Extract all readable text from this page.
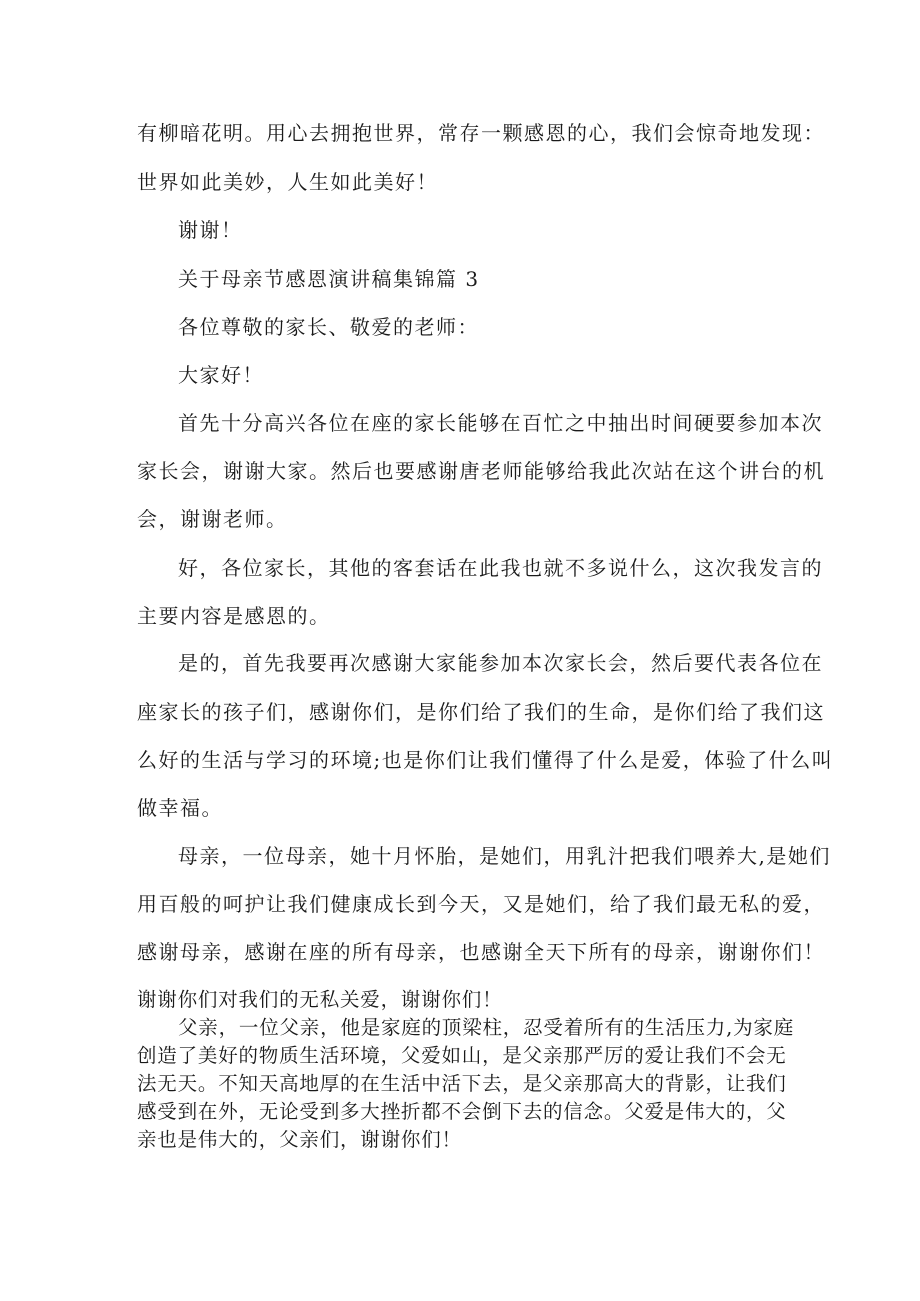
有柳暗花明。用心去拥抱世界，常存一颗感恩的心，我们会惊奇地发现：
世界如此美妙，人生如此美好！
谢谢！
关于母亲节感恩演讲稿集锦篇 3
各位尊敬的家长、敬爱的老师：
大家好！
首先十分高兴各位在座的家长能够在百忙之中抽出时间硬要参加本次
家长会，谢谢大家。然后也要感谢唐老师能够给我此次站在这个讲台的机
会，谢谢老师。
好，各位家长，其他的客套话在此我也就不多说什么，这次我发言的
主要内容是感恩的。
是的，首先我要再次感谢大家能参加本次家长会，然后要代表各位在
座家长的孩子们，感谢你们，是你们给了我们的生命，是你们给了我们这
么好的生活与学习的环境;也是你们让我们懂得了什么是爱，体验了什么叫
做幸福。
母亲，一位母亲，她十月怀胎，是她们，用乳汁把我们喂养大,是她们
用百般的呵护让我们健康成长到今天，又是她们，给了我们最无私的爱，
感谢母亲，感谢在座的所有母亲，也感谢全天下所有的母亲，谢谢你们！
谢谢你们对我们的无私关爱，谢谢你们！
父亲，一位父亲，他是家庭的顶梁柱，忍受着所有的生活压力,为家庭
创造了美好的物质生活环境，父爱如山，是父亲那严厉的爱让我们不会无
法无天。不知天高地厚的在生活中活下去，是父亲那高大的背影，让我们
感受到在外，无论受到多大挫折都不会倒下去的信念。父爱是伟大的，父
亲也是伟大的，父亲们，谢谢你们！
